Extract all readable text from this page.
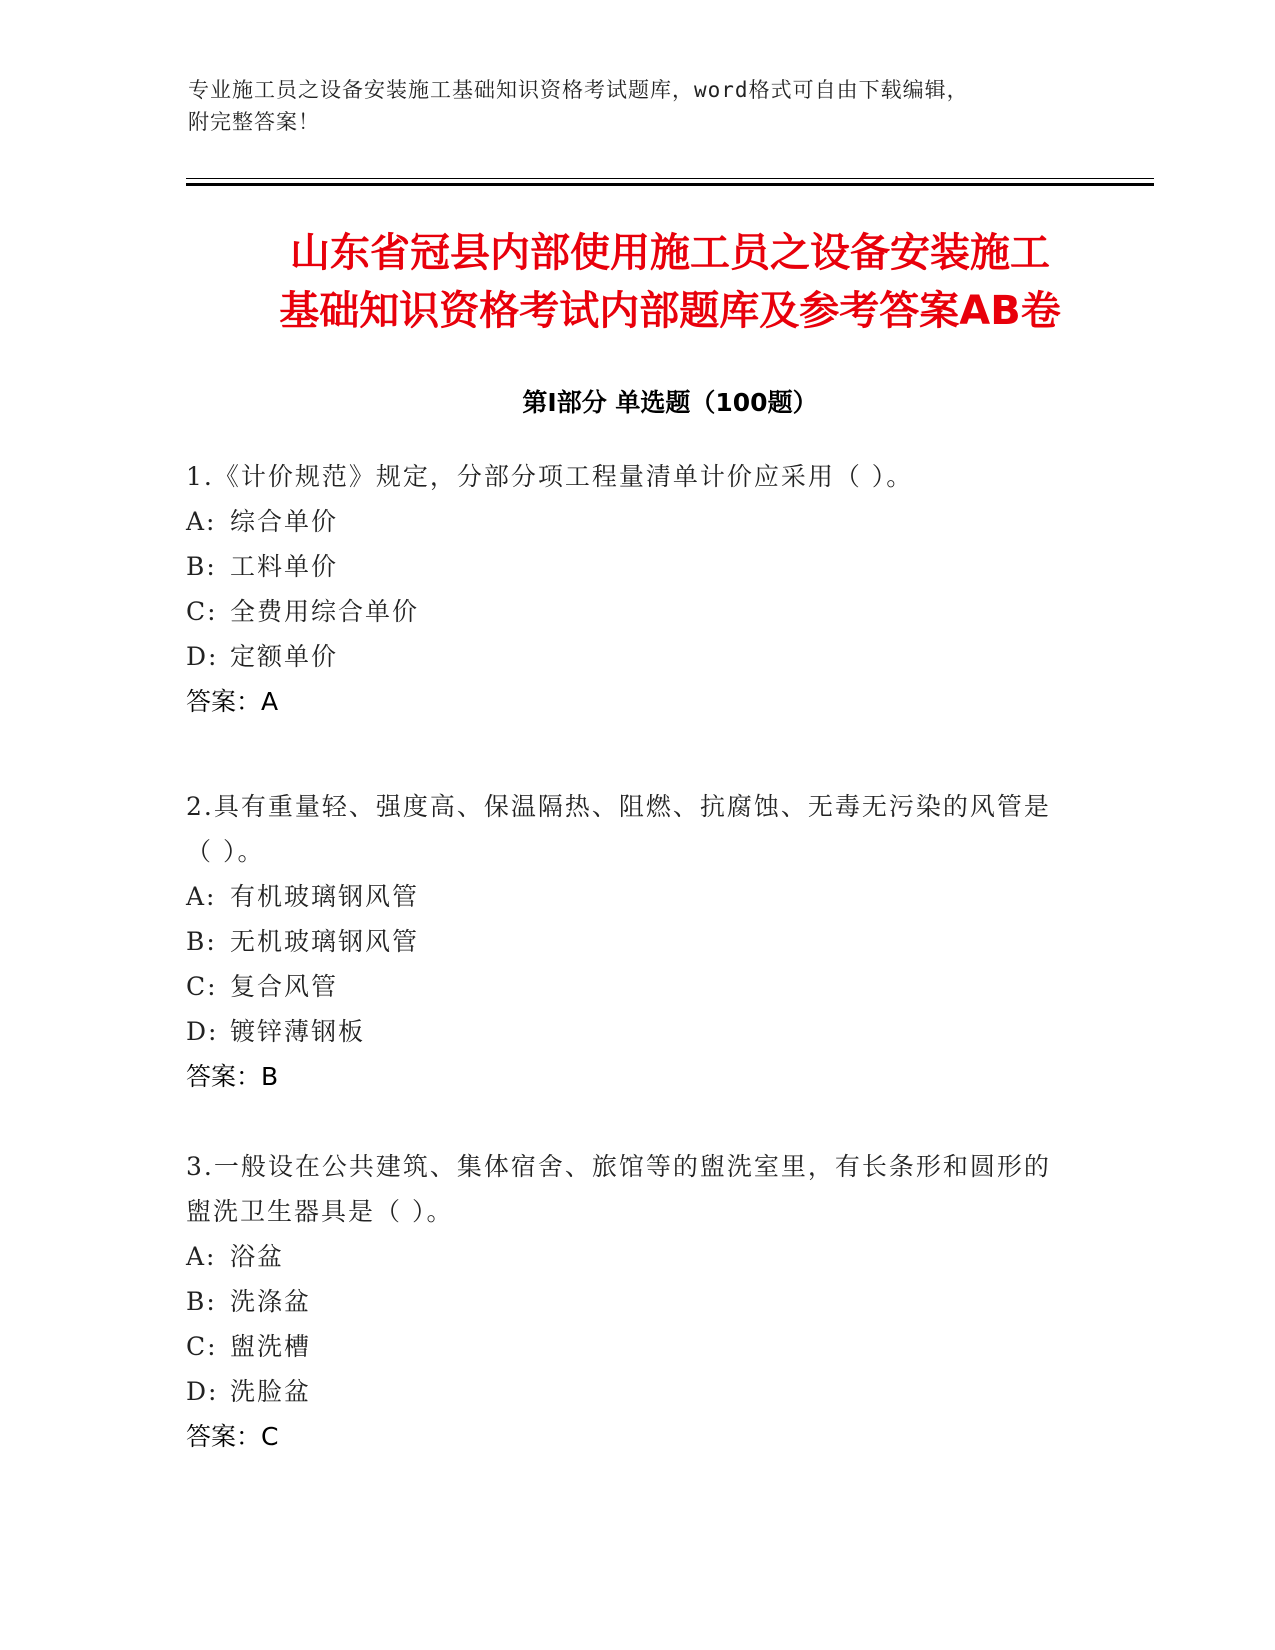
专业施工员之设备安装施工基础知识资格考试题库，word格式可自由下载编辑，
附完整答案！
山东省冠县内部使用施工员之设备安装施工
基础知识资格考试内部题库及参考答案AB卷
第Ⅰ部分 单选题（100题）
1.《计价规范》规定，分部分项工程量清单计价应采用（ ）。
A: 综合单价
B: 工料单价
C: 全费用综合单价
D: 定额单价
答案：A
2.具有重量轻、强度高、保温隔热、阻燃、抗腐蚀、无毒无污染的风管是（ ）。
A: 有机玻璃钢风管
B: 无机玻璃钢风管
C: 复合风管
D: 镀锌薄钢板
答案：B
3.一般设在公共建筑、集体宿舍、旅馆等的盥洗室里，有长条形和圆形的盥洗卫生器具是（ ）。
A: 浴盆
B: 洗涤盆
C: 盥洗槽
D: 洗脸盆
答案：C
